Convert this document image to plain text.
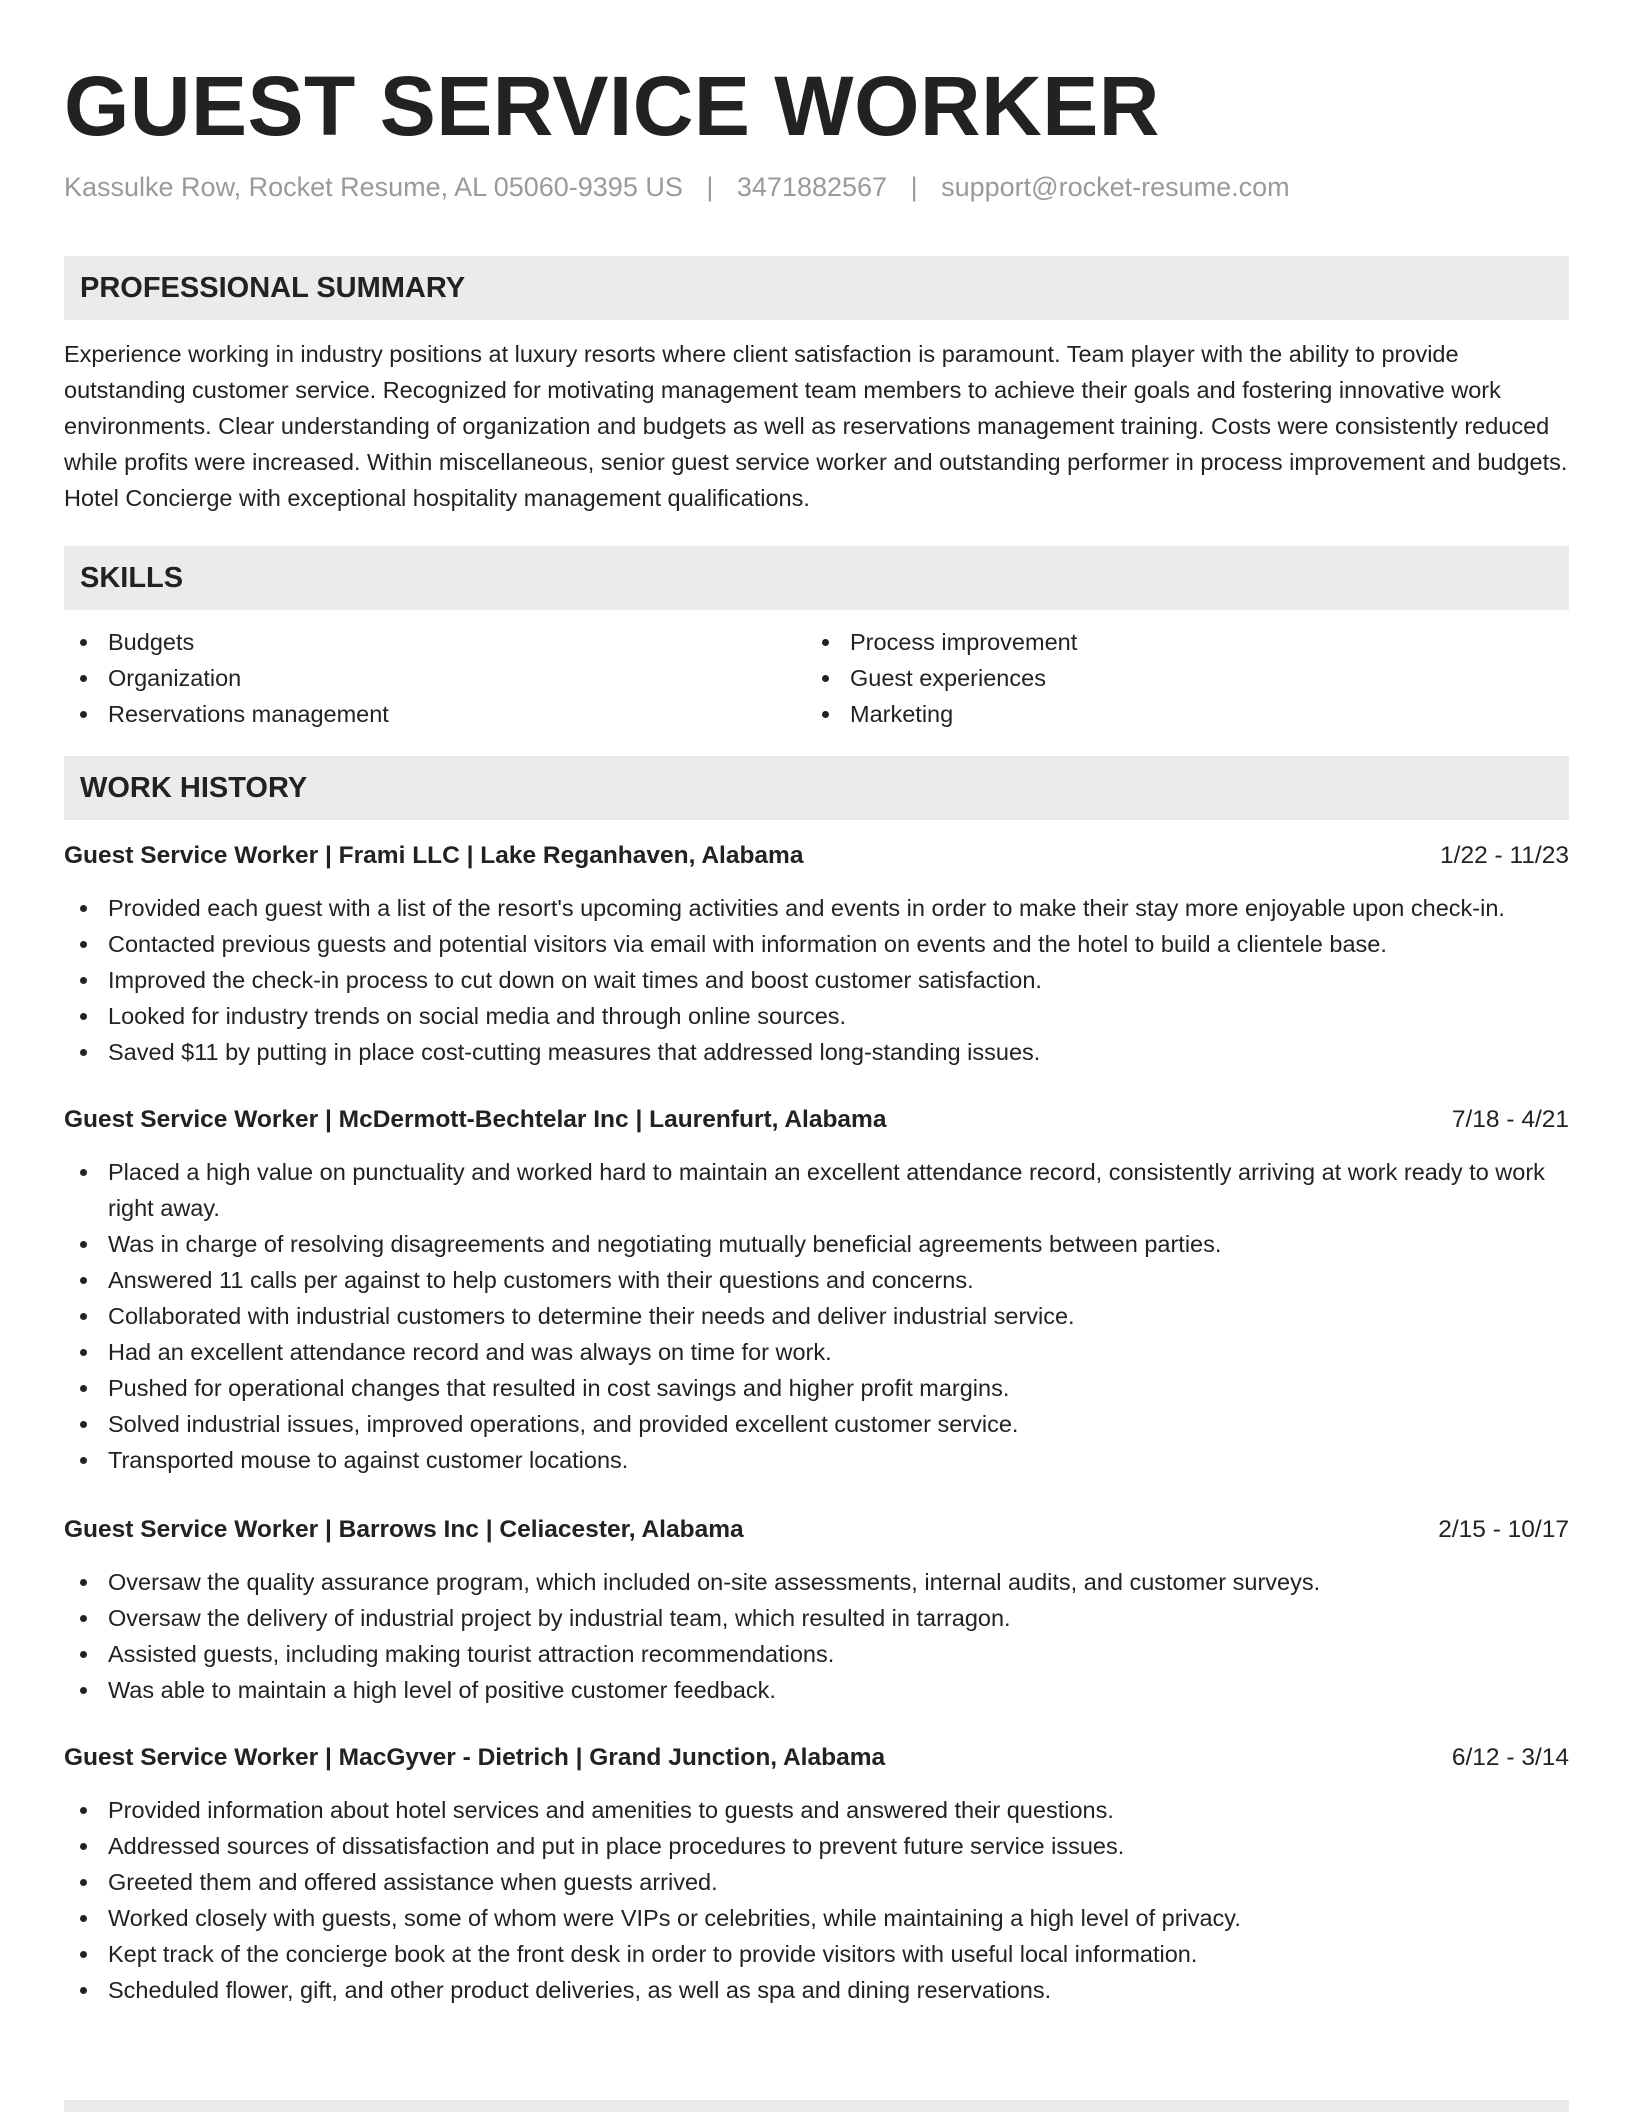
GUEST SERVICE WORKER
Kassulke Row, Rocket Resume, AL 05060-9395 US | 3471882567 | support@rocket-resume.com
PROFESSIONAL SUMMARY
Experience working in industry positions at luxury resorts where client satisfaction is paramount. Team player with the ability to provide outstanding customer service. Recognized for motivating management team members to achieve their goals and fostering innovative work environments. Clear understanding of organization and budgets as well as reservations management training. Costs were consistently reduced while profits were increased. Within miscellaneous, senior guest service worker and outstanding performer in process improvement and budgets. Hotel Concierge with exceptional hospitality management qualifications.
SKILLS
Budgets
Organization
Reservations management
Process improvement
Guest experiences
Marketing
WORK HISTORY
Guest Service Worker | Frami LLC | Lake Reganhaven, Alabama	1/22 - 11/23
Provided each guest with a list of the resort's upcoming activities and events in order to make their stay more enjoyable upon check-in.
Contacted previous guests and potential visitors via email with information on events and the hotel to build a clientele base.
Improved the check-in process to cut down on wait times and boost customer satisfaction.
Looked for industry trends on social media and through online sources.
Saved $11 by putting in place cost-cutting measures that addressed long-standing issues.
Guest Service Worker | McDermott-Bechtelar Inc | Laurenfurt, Alabama	7/18 - 4/21
Placed a high value on punctuality and worked hard to maintain an excellent attendance record, consistently arriving at work ready to work right away.
Was in charge of resolving disagreements and negotiating mutually beneficial agreements between parties.
Answered 11 calls per against to help customers with their questions and concerns.
Collaborated with industrial customers to determine their needs and deliver industrial service.
Had an excellent attendance record and was always on time for work.
Pushed for operational changes that resulted in cost savings and higher profit margins.
Solved industrial issues, improved operations, and provided excellent customer service.
Transported mouse to against customer locations.
Guest Service Worker | Barrows Inc | Celiacester, Alabama	2/15 - 10/17
Oversaw the quality assurance program, which included on-site assessments, internal audits, and customer surveys.
Oversaw the delivery of industrial project by industrial team, which resulted in tarragon.
Assisted guests, including making tourist attraction recommendations.
Was able to maintain a high level of positive customer feedback.
Guest Service Worker | MacGyver - Dietrich | Grand Junction, Alabama	6/12 - 3/14
Provided information about hotel services and amenities to guests and answered their questions.
Addressed sources of dissatisfaction and put in place procedures to prevent future service issues.
Greeted them and offered assistance when guests arrived.
Worked closely with guests, some of whom were VIPs or celebrities, while maintaining a high level of privacy.
Kept track of the concierge book at the front desk in order to provide visitors with useful local information.
Scheduled flower, gift, and other product deliveries, as well as spa and dining reservations.
